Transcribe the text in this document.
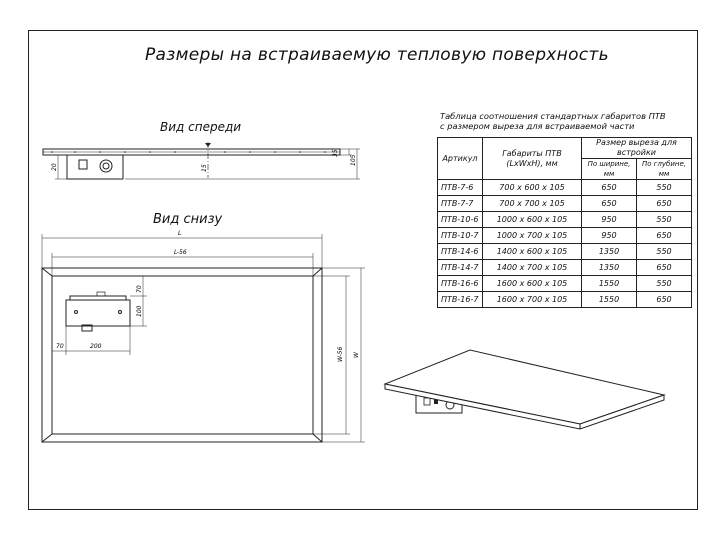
Размеры на встраиваемую тепловую поверхность
Вид спереди
Вид снизу
35
105
20	15
L
L-56
W-56 W
70
100
70	200
Таблица соотношения стандартных габаритов ПТВ
с размером выреза для встраиваемой части
Артикул	Габариты ПТВ (LxWxH), мм	Размер выреза для встройки	
		По ширине, мм	По глубине, мм
ПТВ-7-6	700 х 600 х 105	650	550
ПТВ-7-7	700 х 700 х 105	650	650
ПТВ-10-6	1000 х 600 х 105	950	550
ПТВ-10-7	1000 х 700 х 105	950	650
ПТВ-14-6	1400 х 600 х 105	1350	550
ПТВ-14-7	1400 х 700 х 105	1350	650
ПТВ-16-6	1600 х 600 х 105	1550	550
ПТВ-16-7	1600 х 700 х 105	1550	650
